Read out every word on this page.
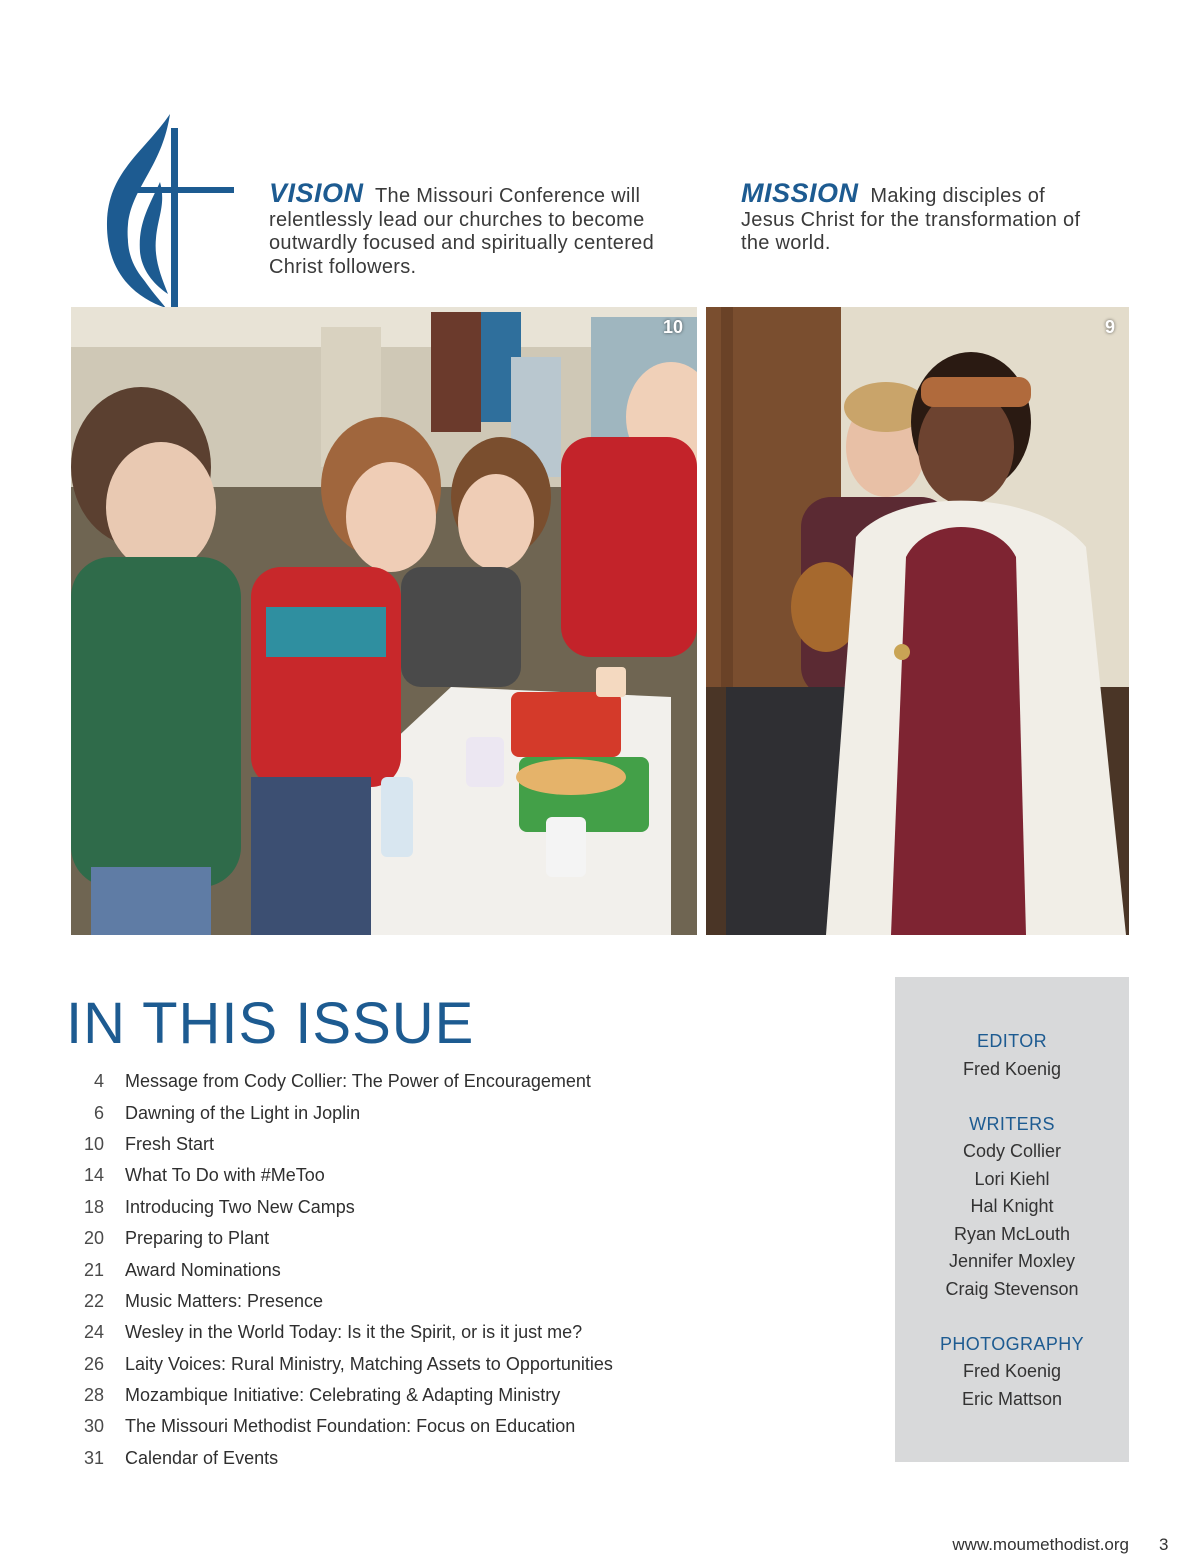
VISION The Missouri Conference will relentlessly lead our churches to become outwardly focused and spiritually centered Christ followers.
MISSION Making disciples of Jesus Christ for the transformation of the world.
10	9
IN THIS ISSUE
4 Message from Cody Collier: The Power of Encouragement
6 Dawning of the Light in Joplin
10 Fresh Start
14 What To Do with #MeToo
18 Introducing Two New Camps
20 Preparing to Plant
21 Award Nominations
22 Music Matters: Presence
24 Wesley in the World Today: Is it the Spirit, or is it just me?
26 Laity Voices: Rural Ministry, Matching Assets to Opportunities
28 Mozambique Initiative: Celebrating & Adapting Ministry
30 The Missouri Methodist Foundation: Focus on Education
31 Calendar of Events
EDITOR
Fred Koenig
WRITERS
Cody Collier
Lori Kiehl
Hal Knight
Ryan McLouth
Jennifer Moxley
Craig Stevenson
PHOTOGRAPHY
Fred Koenig
Eric Mattson
www.moumethodist.org 3
